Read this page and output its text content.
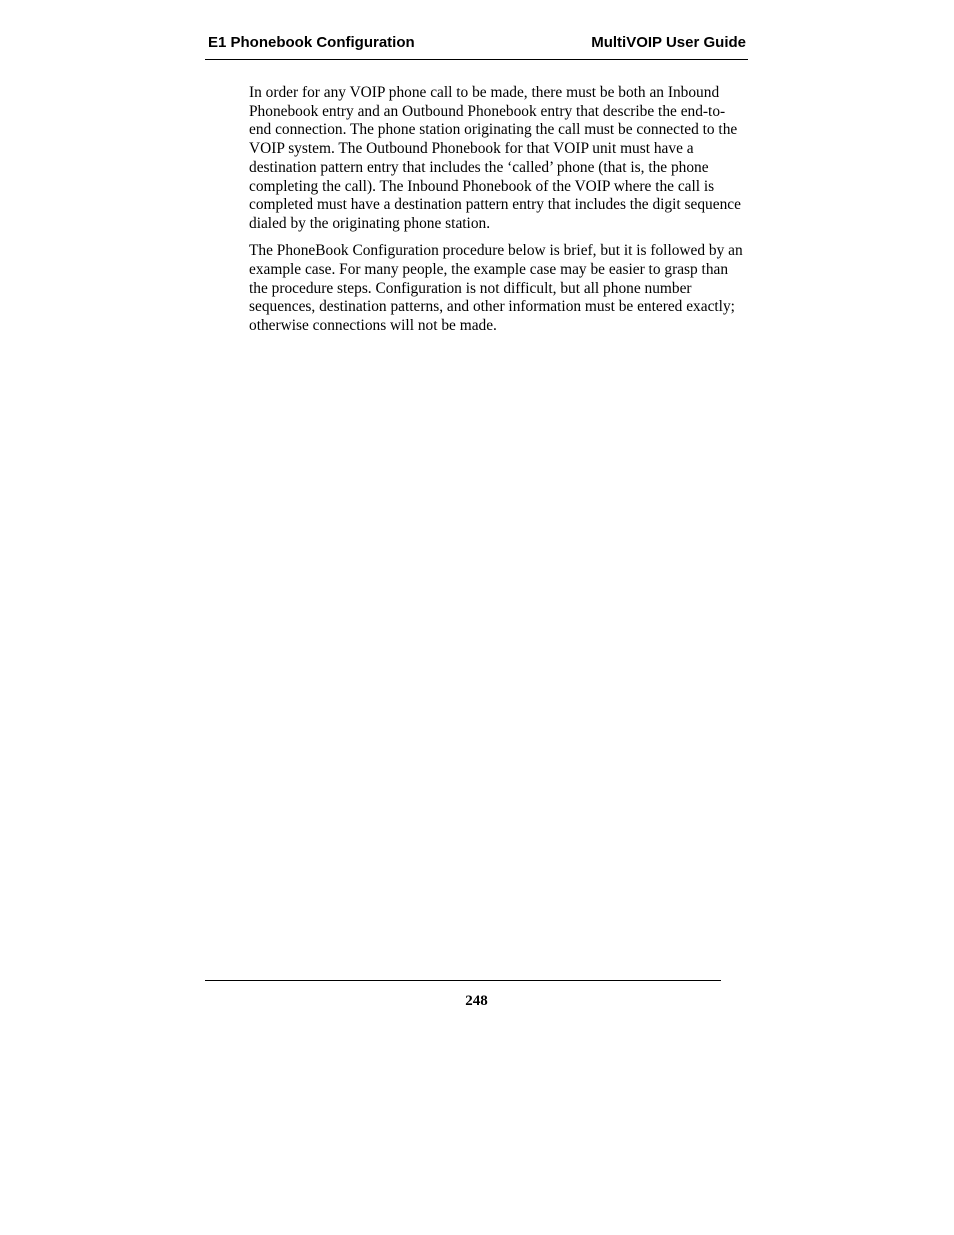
E1 Phonebook Configuration	MultiVOIP User Guide

In order for any VOIP phone call to be made, there must be both an Inbound Phonebook entry and an Outbound Phonebook entry that describe the end-to-end connection. The phone station originating the call must be connected to the VOIP system. The Outbound Phonebook for that VOIP unit must have a destination pattern entry that includes the ‘called’ phone (that is, the phone completing the call). The Inbound Phonebook of the VOIP where the call is completed must have a destination pattern entry that includes the digit sequence dialed by the originating phone station.

The PhoneBook Configuration procedure below is brief, but it is followed by an example case. For many people, the example case may be easier to grasp than the procedure steps. Configuration is not difficult, but all phone number sequences, destination patterns, and other information must be entered exactly; otherwise connections will not be made.

248
